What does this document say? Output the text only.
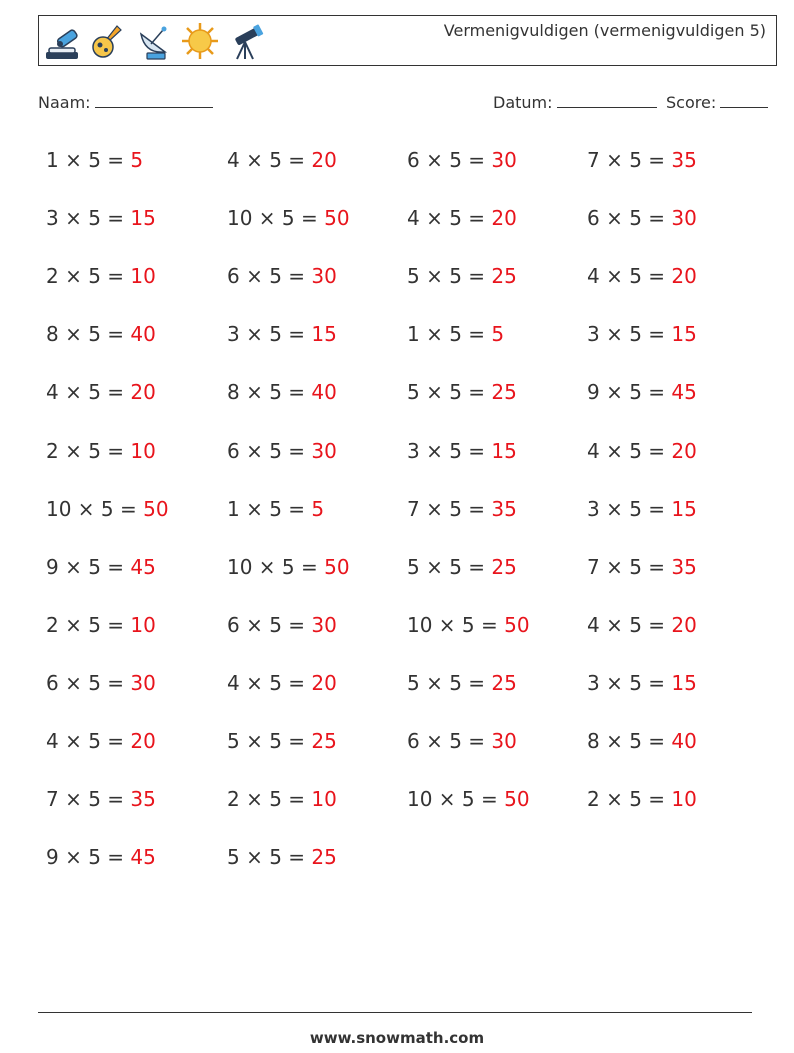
Vermenigvuldigen (vermenigvuldigen 5)
Naam:	Datum:	Score:
1 × 5 = 5	4 × 5 = 20	6 × 5 = 30	7 × 5 = 35
3 × 5 = 15	10 × 5 = 50	4 × 5 = 20	6 × 5 = 30
2 × 5 = 10	6 × 5 = 30	5 × 5 = 25	4 × 5 = 20
8 × 5 = 40	3 × 5 = 15	1 × 5 = 5	3 × 5 = 15
4 × 5 = 20	8 × 5 = 40	5 × 5 = 25	9 × 5 = 45
2 × 5 = 10	6 × 5 = 30	3 × 5 = 15	4 × 5 = 20
10 × 5 = 50	1 × 5 = 5	7 × 5 = 35	3 × 5 = 15
9 × 5 = 45	10 × 5 = 50	5 × 5 = 25	7 × 5 = 35
2 × 5 = 10	6 × 5 = 30	10 × 5 = 50	4 × 5 = 20
6 × 5 = 30	4 × 5 = 20	5 × 5 = 25	3 × 5 = 15
4 × 5 = 20	5 × 5 = 25	6 × 5 = 30	8 × 5 = 40
7 × 5 = 35	2 × 5 = 10	10 × 5 = 50	2 × 5 = 10
9 × 5 = 45	5 × 5 = 25
www.snowmath.com
